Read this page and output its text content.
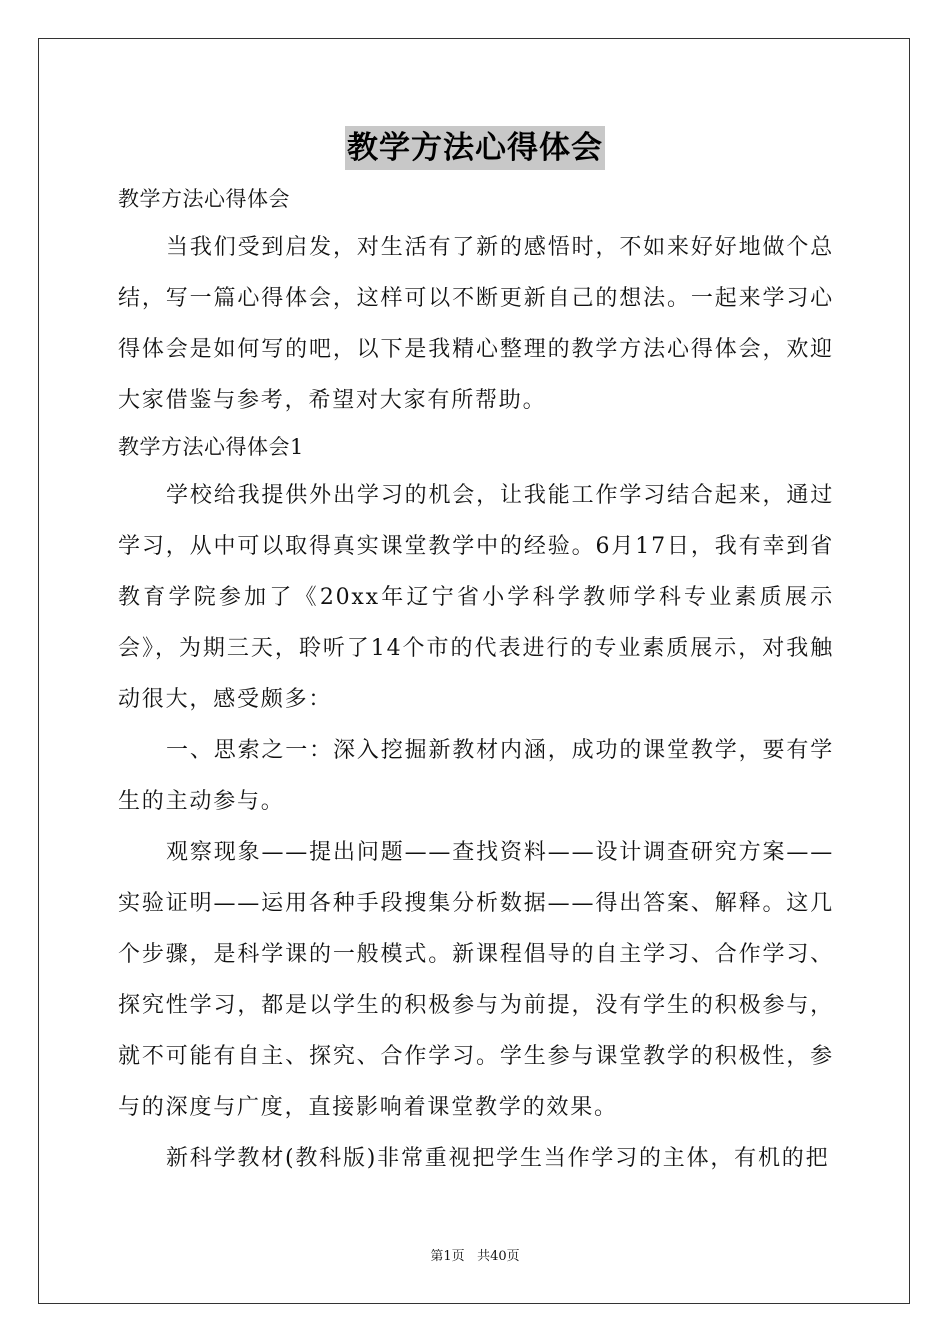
教学方法心得体会

教学方法心得体会

当我们受到启发，对生活有了新的感悟时，不如来好好地做个总结，写一篇心得体会，这样可以不断更新自己的想法。一起来学习心得体会是如何写的吧，以下是我精心整理的教学方法心得体会，欢迎大家借鉴与参考，希望对大家有所帮助。

教学方法心得体会1

学校给我提供外出学习的机会，让我能工作学习结合起来，通过学习，从中可以取得真实课堂教学中的经验。6月17日，我有幸到省教育学院参加了《20xx年辽宁省小学科学教师学科专业素质展示会》，为期三天，聆听了14个市的代表进行的专业素质展示，对我触动很大，感受颇多：

一、思索之一：深入挖掘新教材内涵，成功的课堂教学，要有学生的主动参与。

观察现象——提出问题——查找资料——设计调查研究方案——实验证明——运用各种手段搜集分析数据——得出答案、解释。这几个步骤，是科学课的一般模式。新课程倡导的自主学习、合作学习、探究性学习，都是以学生的积极参与为前提，没有学生的积极参与，就不可能有自主、探究、合作学习。学生参与课堂教学的积极性，参与的深度与广度，直接影响着课堂教学的效果。

新科学教材(教科版)非常重视把学生当作学习的主体，有机的把

第1页 共40页
